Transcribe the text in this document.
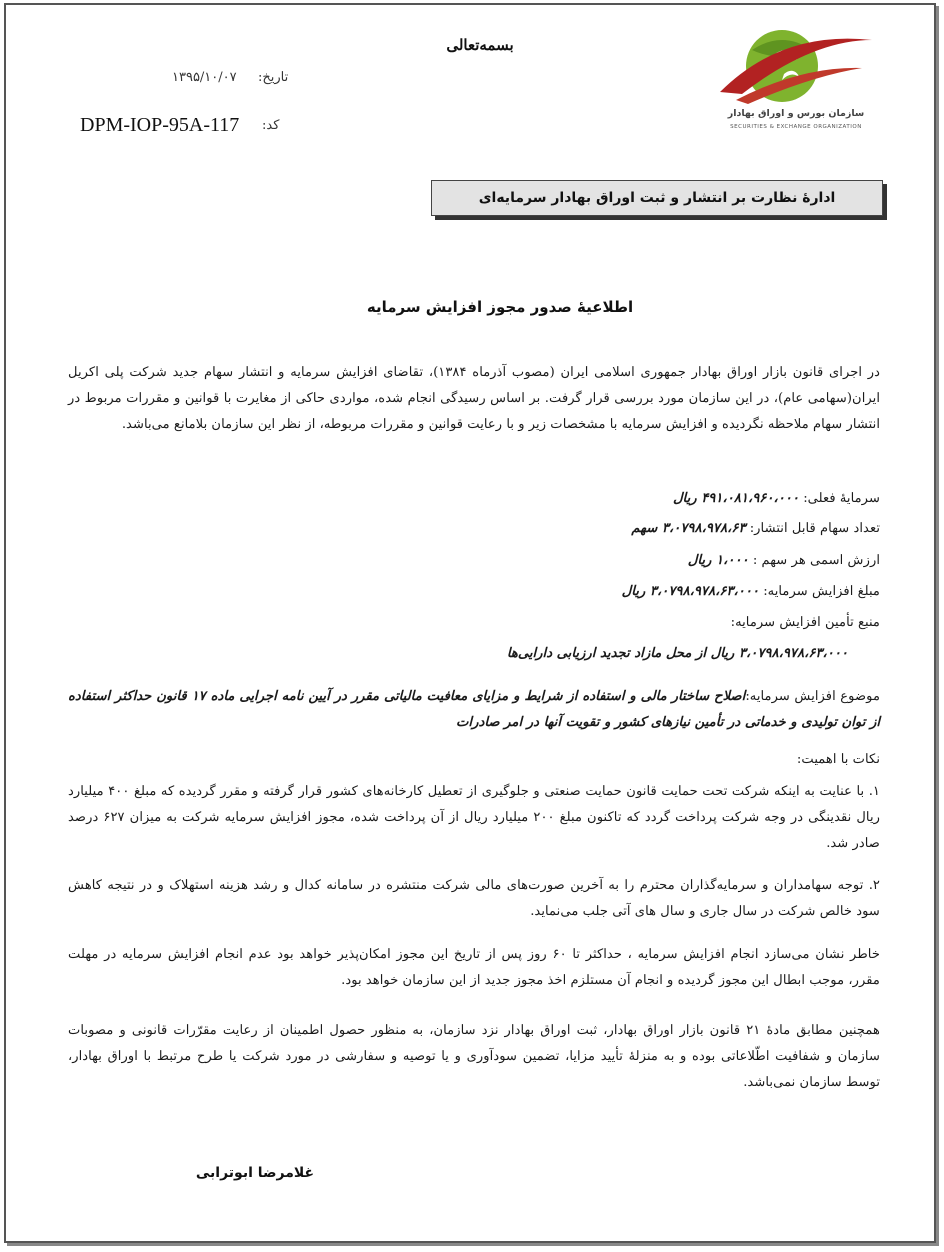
بسمه‌تعالی
سازمان بورس و اوراق بهادار
SECURITIES & EXCHANGE ORGANIZATION
تاریخ:
۱۳۹۵/۱۰/۰۷
کد:
DPM-IOP-95A-117
ادارهٔ نظارت بر انتشار و ثبت اوراق بهادار سرمایه‌ای
اطلاعیهٔ صدور مجوز افزایش سرمایه
در اجرای قانون بازار اوراق بهادار جمهوری اسلامی ایران (مصوب آذرماه ۱۳۸۴)، تقاضای افزایش سرمایه و انتشار سهام جدید شرکت پلی اکریل ایران(سهامی عام)، در این سازمان مورد بررسی قرار گرفت. بر اساس رسیدگی انجام شده، مواردی حاکی از مغایرت با قوانین و مقررات مربوط در انتشار سهام ملاحظه نگردیده و افزایش سرمایه با مشخصات زیر و با رعایت قوانین و مقررات مربوطه، از نظر این سازمان بلامانع می‌باشد.
سرمایهٔ فعلی: ۴۹۱،۰۸۱،۹۶۰،۰۰۰ ریال
تعداد سهام قابل انتشار: ۳،۰۷۹۸،۹۷۸،۶۳ سهم
ارزش اسمی هر سهم : ۱،۰۰۰ ریال
مبلغ افزایش سرمایه: ۳،۰۷۹۸،۹۷۸،۶۳،۰۰۰ ریال
منبع تأمین افزایش سرمایه:
۳،۰۷۹۸،۹۷۸،۶۳،۰۰۰ ریال از محل مازاد تجدید ارزیابی دارایی‌ها
موضوع افزایش سرمایه:اصلاح ساختار مالی و استفاده از شرایط و مزایای معافیت مالیاتی مقرر در آیین نامه اجرایی ماده ۱۷ قانون حداکثر استفاده از توان تولیدی و خدماتی در تأمین نیازهای کشور و تقویت آنها در امر صادرات
نکات با اهمیت:
۱. با عنایت به اینکه شرکت تحت حمایت قانون حمایت صنعتی و جلوگیری از تعطیل کارخانه‌های کشور قرار گرفته و مقرر گردیده که مبلغ ۴۰۰ میلیارد ریال نقدینگی در وجه شرکت پرداخت گردد که تاکنون مبلغ ۲۰۰ میلیارد ریال از آن پرداخت شده، مجوز افزایش سرمایه شرکت به میزان ۶۲۷ درصد صادر شد.
۲. توجه سهامداران و سرمایه‌گذاران محترم را به آخرین صورت‌های مالی شرکت منتشره در سامانه کدال و رشد هزینه استهلاک و در نتیجه کاهش سود خالص شرکت در سال جاری و سال های آتی جلب می‌نماید.
خاطر نشان می‌سازد انجام افزایش سرمایه ، حداکثر تا ۶۰ روز پس از تاریخ این مجوز امکان‌پذیر خواهد بود عدم انجام افزایش سرمایه در مهلت مقرر، موجب ابطال این مجوز گردیده و انجام آن مستلزم اخذ مجوز جدید از این سازمان خواهد بود.
همچنین مطابق مادهٔ ۲۱ قانون بازار اوراق بهادار، ثبت اوراق بهادار نزد سازمان، به منظور حصول اطمینان از رعایت مقرّرات قانونی و مصوبات سازمان و شفافیت اطّلاعاتی بوده و به منزلهٔ تأیید مزایا، تضمین سودآوری و یا توصیه و سفارشی در مورد شرکت یا طرح مرتبط با اوراق بهادار، توسط سازمان نمی‌باشد.
غلامرضا ابوترابی
